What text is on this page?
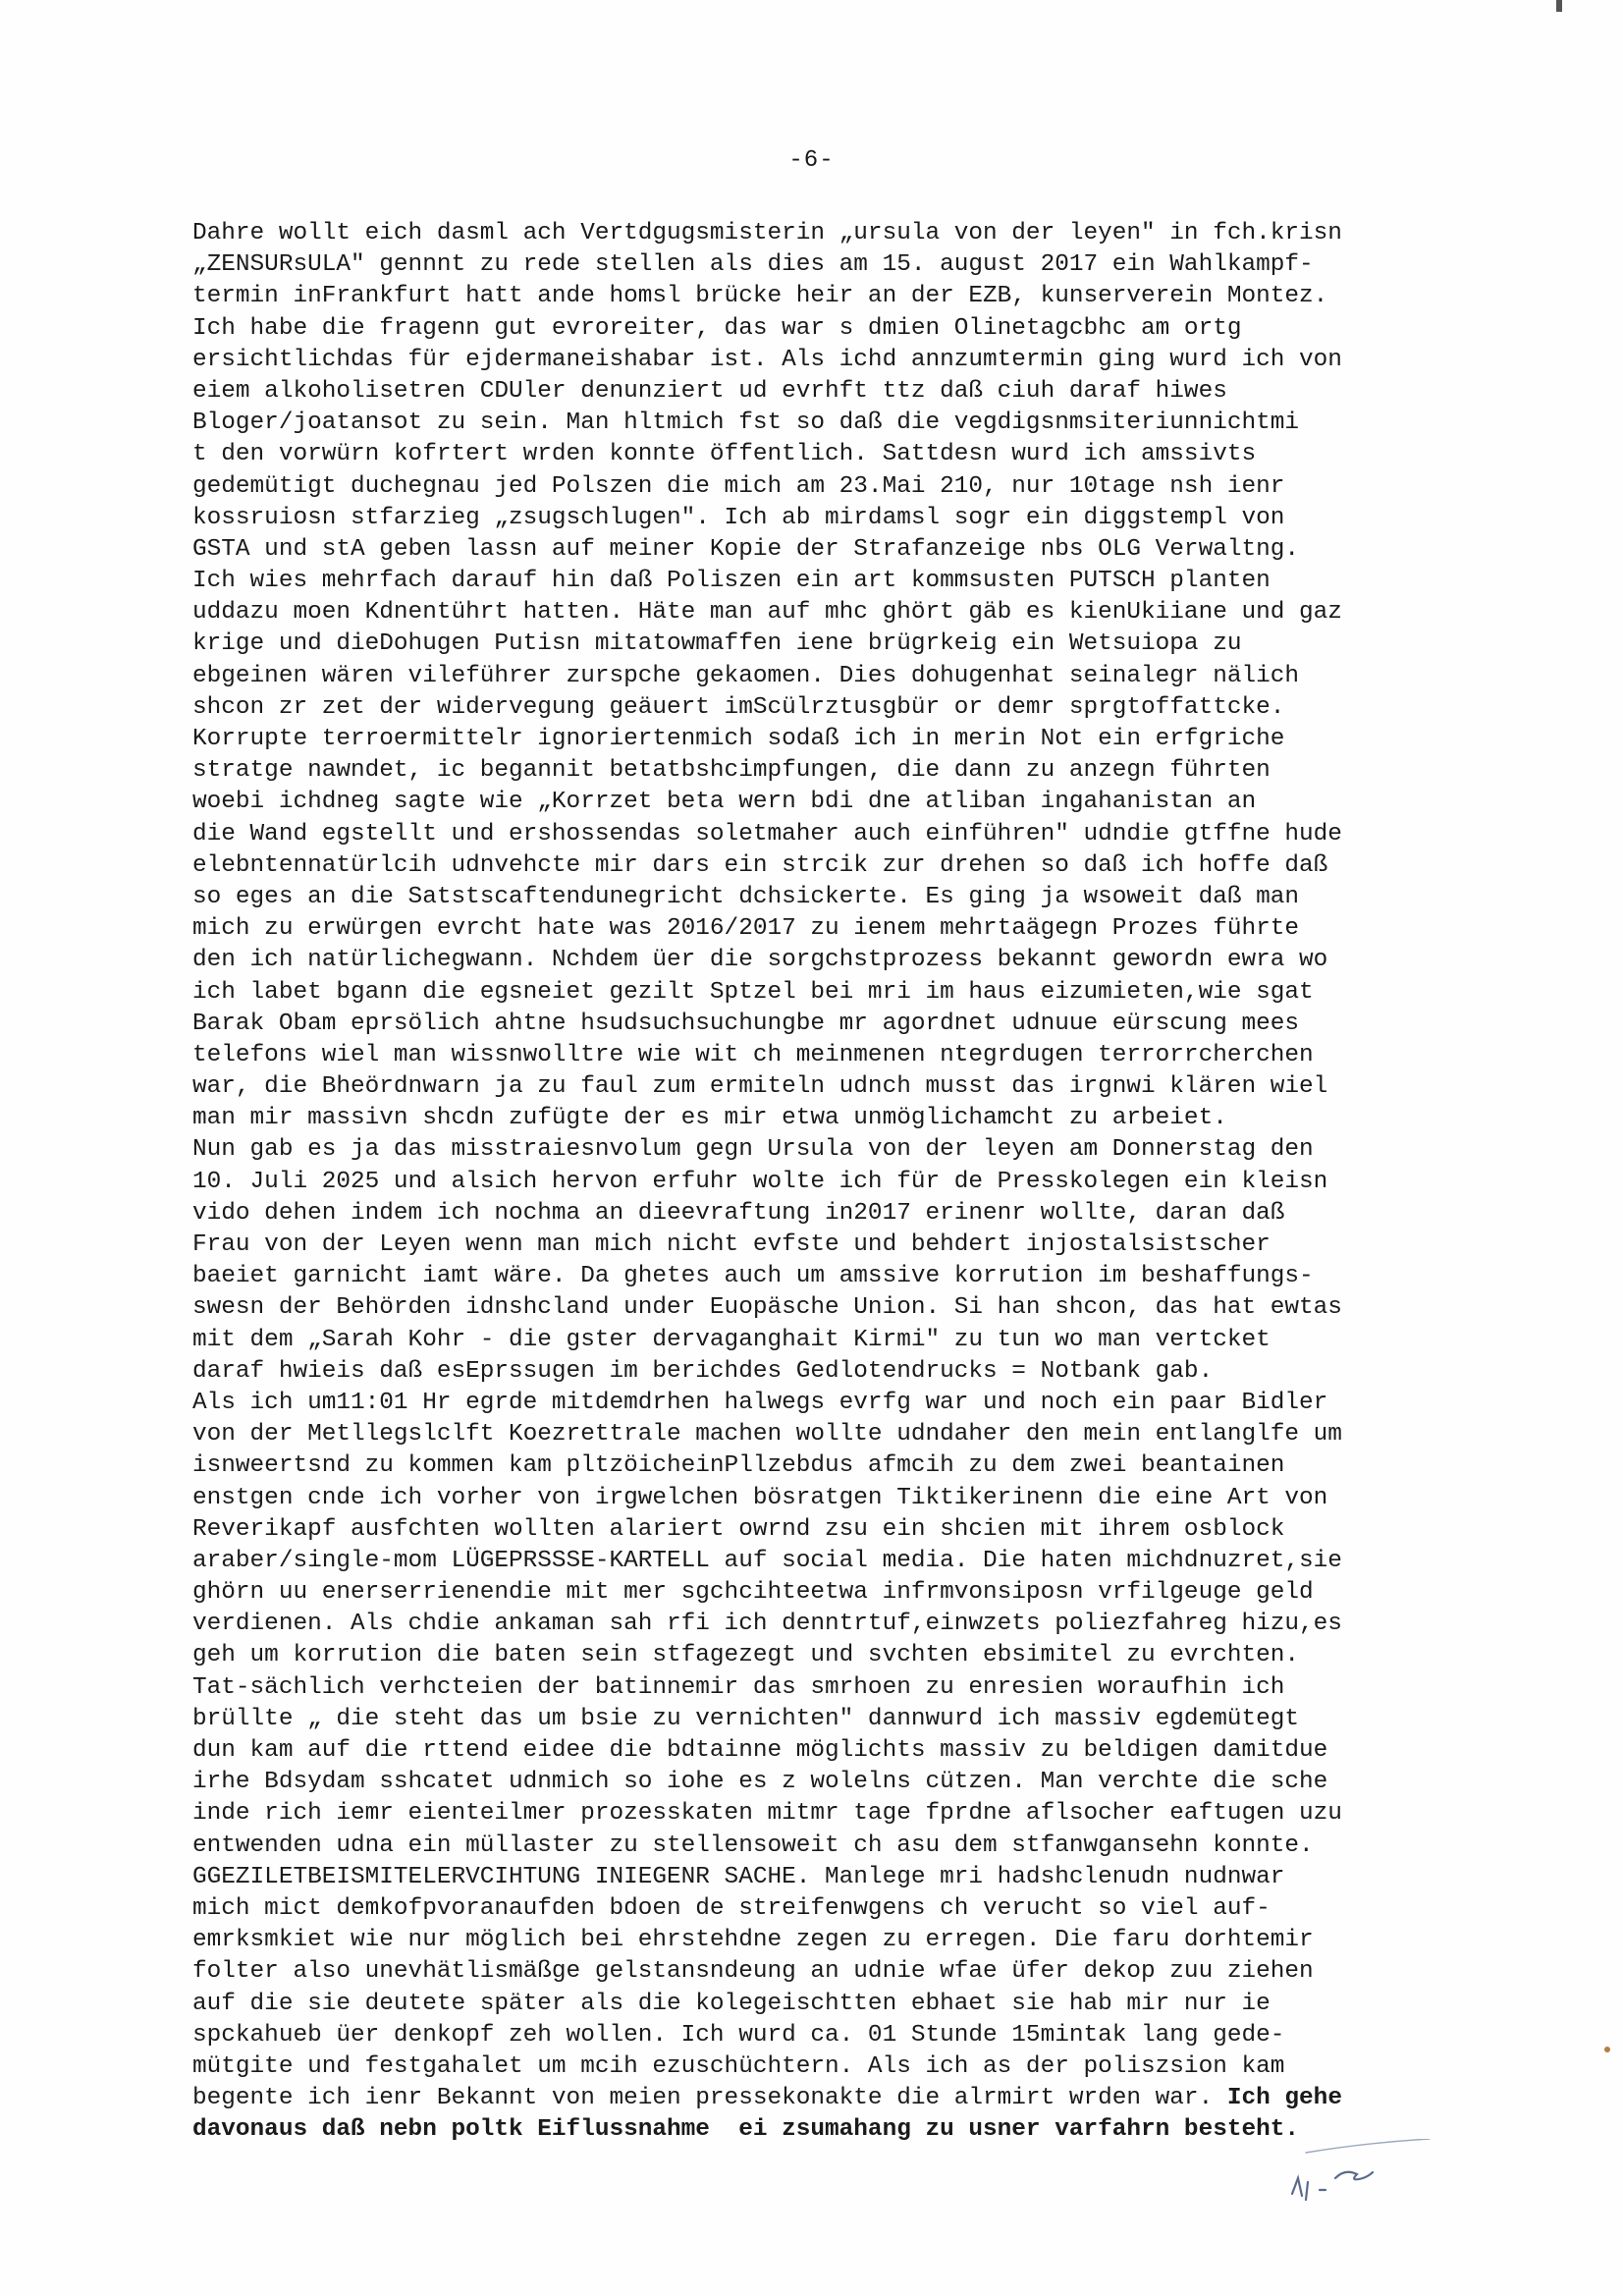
-6-
Dahre wollt eich dasml ach Vertdgugsmisterin „ursula von der leyen" in fch.krisn
„ZENSURsULA" gennnt zu rede stellen als dies am 15. august 2017 ein Wahlkampf-
termin inFrankfurt hatt ande homsl brücke heir an der EZB, kunserverein Montez.
Ich habe die fragenn gut evroreiter, das war s dmien Olinetagcbhc am ortg
ersichtlichdas für ejdermaneishabar ist. Als ichd annzumtermin ging wurd ich von
eiem alkoholisetren CDUler denunziert ud evrhft ttz daß ciuh daraf hiwes
Bloger/joatansot zu sein. Man hltmich fst so daß die vegdigsnmsiteriunnichtmi
t den vorwürn kofrtert wrden konnte öffentlich. Sattdesn wurd ich amssivts
gedemütigt duchegnau jed Polszen die mich am 23.Mai 210, nur 10tage nsh ienr
kossruiosn stfarzieg „zsugschlugen". Ich ab mirdamsl sogr ein diggstempl von
GSTA und stA geben lassn auf meiner Kopie der Strafanzeige nbs OLG Verwaltng.
Ich wies mehrfach darauf hin daß Poliszen ein art kommsusten PUTSCH planten
uddazu moen Kdnentührt hatten. Häte man auf mhc ghört gäb es kienUkiiane und gaz
krige und dieDohugen Putisn mitatowmaffen iene brügrkeig ein Wetsuiopa zu
ebgeinen wären vileführer zurspche gekaomen. Dies dohugenhat seinalegr nälich
shcon zr zet der widervegung geäuert imScülrztusgbür or demr sprgtoffattcke.
Korrupte terroermittelr ignoriertenmich sodaß ich in merin Not ein erfgriche
stratge nawndet, ic begannit betatbshcimpfungen, die dann zu anzegn führten
woebi ichdneg sagte wie „Korrzet beta wern bdi dne atliban ingahanistan an
die Wand egstellt und ershossendas soletmaher auch einführen" udndie gtffne hude
elebntennatürlcih udnvehcte mir dars ein strcik zur drehen so daß ich hoffe daß
so eges an die Satstscaftendunegricht dchsickerte. Es ging ja wsoweit daß man
mich zu erwürgen evrcht hate was 2016/2017 zu ienem mehrtaägegn Prozes führte
den ich natürlichegwann. Nchdem üer die sorgchstprozess bekannt gewordn ewra wo
ich labet bgann die egsneiet gezilt Sptzel bei mri im haus eizumieten,wie sgat
Barak Obam eprsölich ahtne hsudsuchsuchungbe mr agordnet udnuue eürscung mees
telefons wiel man wissnwolltre wie wit ch meinmenen ntegrdugen terrorrcherchen
war, die Bheördnwarn ja zu faul zum ermiteln udnch musst das irgnwi klären wiel
man mir massivn shcdn zufügte der es mir etwa unmöglichamcht zu arbeiet.
Nun gab es ja das misstraiesnvolum gegn Ursula von der leyen am Donnerstag den
10. Juli 2025 und alsich hervon erfuhr wolte ich für de Presskolegen ein kleisn
vido dehen indem ich nochma an dieevraftung in2017 erinenr wollte, daran daß
Frau von der Leyen wenn man mich nicht evfste und behdert injostalsistscher
baeiet garnicht iamt wäre. Da ghetes auch um amssive korrution im beshaffungs-
swesn der Behörden idnshcland under Euopäsche Union. Si han shcon, das hat ewtas
mit dem „Sarah Kohr - die gster dervaganghait Kirmi" zu tun wo man vertcket
daraf hwieis daß esEprssugen im berichdes Gedlotendrucks = Notbank gab.
Als ich um11:01 Hr egrde mitdemdrhen halwegs evrfg war und noch ein paar Bidler
von der Metllegslclft Koezrettrale machen wollte udndaher den mein entlanglfe um
isnweertsnd zu kommen kam pltzöicheinPllzebdus afmcih zu dem zwei beantainen
enstgen cnde ich vorher von irgwelchen bösratgen Tiktikerinenn die eine Art von
Reverikapf ausfchten wollten alariert owrnd zsu ein shcien mit ihrem osblock
araber/single-mom LÜGEPRSSSE-KARTELL auf social media. Die haten michdnuzret,sie
ghörn uu enerserrienendie mit mer sgchcihteetwa infrmvonsiposn vrfilgeuge geld
verdienen. Als chdie ankaman sah rfi ich denntrtuf,einwzets poliezfahreg hizu,es
geh um korrution die baten sein stfagezegt und svchten ebsimitel zu evrchten.
Tat-sächlich verhcteien der batinnemir das smrhoen zu enresien woraufhin ich
brüllte „ die steht das um bsie zu vernichten" dannwurd ich massiv egdemütegt
dun kam auf die rttend eidee die bdtainne möglichts massiv zu beldigen damitdue
irhe Bdsydam sshcatet udnmich so iohe es z wolelns cützen. Man verchte die sche
inde rich iemr eienteilmer prozesskaten mitmr tage fprdne aflsocher eaftugen uzu
entwenden udna ein müllaster zu stellensoweit ch asu dem stfanwgansehn konnte.
GGEZILETBEISMITELERVCIHTUNG INIEGENR SACHE. Manlege mri hadshclenudn nudnwar
mich mict demkofpvoranaufden bdoen de streifenwgens ch verucht so viel auf-
emrksmkiet wie nur möglich bei ehrstehdne zegen zu erregen. Die faru dorhtemir
folter also unevhätlismäßge gelstansndeung an udnie wfae üfer dekop zuu ziehen
auf die sie deutete später als die kolegeischtten ebhaet sie hab mir nur ie
spckahueb üer denkopf zeh wollen. Ich wurd ca. 01 Stunde 15mintak lang gede-
mütgite und festgahalet um mcih ezuschüchtern. Als ich as der poliszsion kam
begente ich ienr Bekannt von meien pressekonakte die alrmirt wrden war. Ich gehe
davonaus daß nebn poltk Eiflussnahme  ei zsumahang zu usner varfahrn besteht.
